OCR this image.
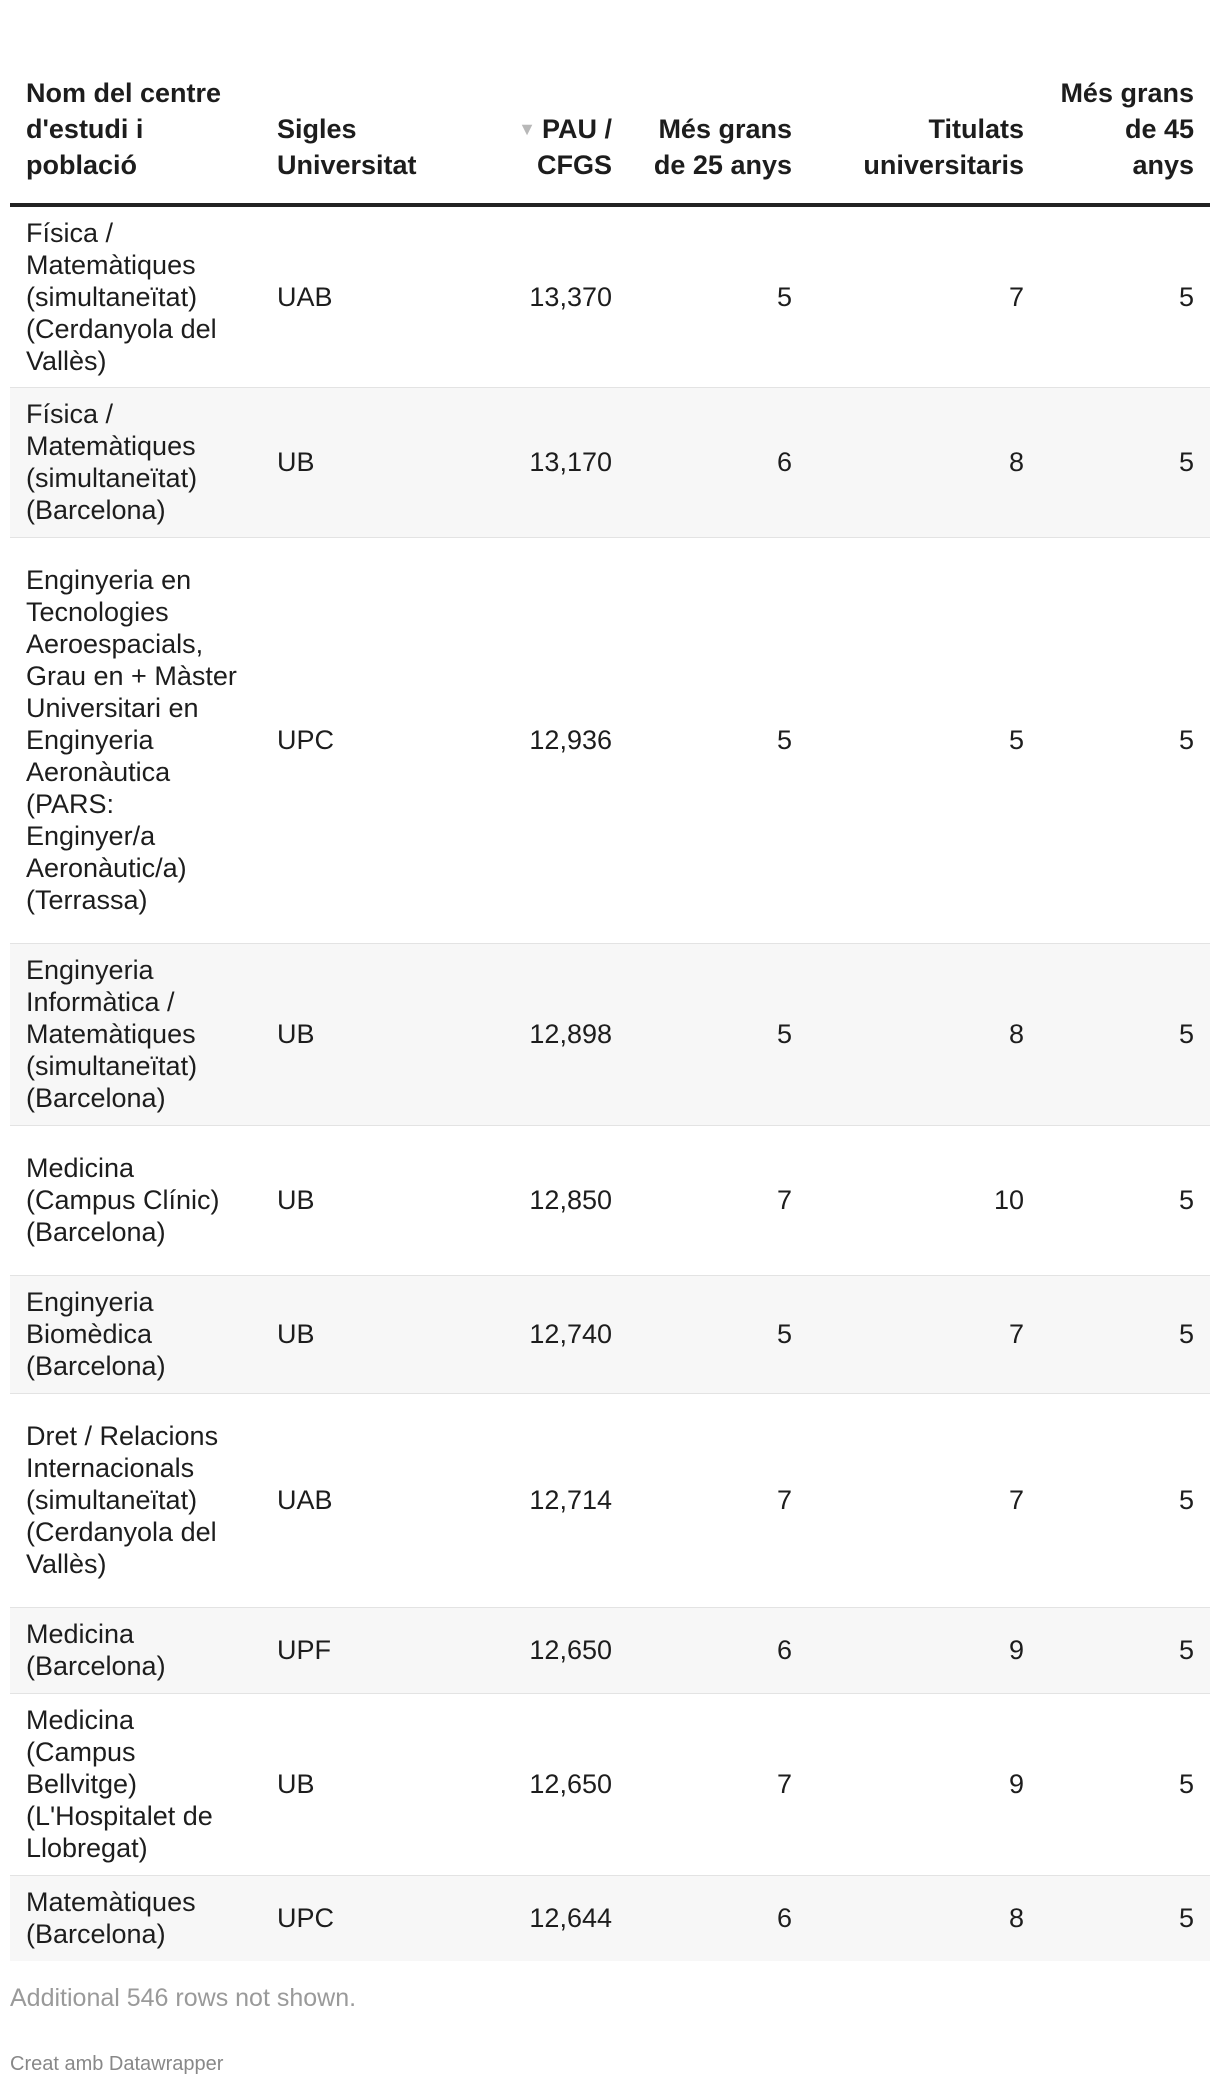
Nom del centre d'estudi i població	Sigles Universitat	▼ PAU / CFGS	Més grans de 25 anys	Titulats universitaris	Més grans de 45 anys
Física / Matemàtiques (simultaneïtat) (Cerdanyola del Vallès)	UAB	13,370	5	7	5
Física / Matemàtiques (simultaneïtat) (Barcelona)	UB	13,170	6	8	5
Enginyeria en Tecnologies Aeroespacials, Grau en + Màster Universitari en Enginyeria Aeronàutica (PARS: Enginyer/a Aeronàutic/a) (Terrassa)	UPC	12,936	5	5	5
Enginyeria Informàtica / Matemàtiques (simultaneïtat) (Barcelona)	UB	12,898	5	8	5
Medicina (Campus Clínic) (Barcelona)	UB	12,850	7	10	5
Enginyeria Biomèdica (Barcelona)	UB	12,740	5	7	5
Dret / Relacions Internacionals (simultaneïtat) (Cerdanyola del Vallès)	UAB	12,714	7	7	5
Medicina (Barcelona)	UPF	12,650	6	9	5
Medicina (Campus Bellvitge) (L'Hospitalet de Llobregat)	UB	12,650	7	9	5
Matemàtiques (Barcelona)	UPC	12,644	6	8	5
Additional 546 rows not shown.
Creat amb Datawrapper
